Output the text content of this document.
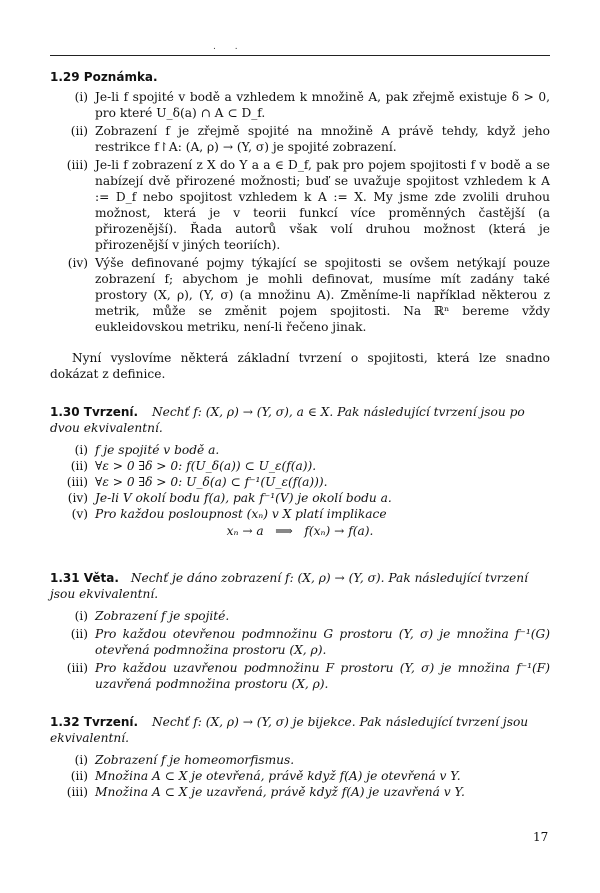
. .
1.29 Poznámka.
(i) Je-li f spojité v bodě a vzhledem k množině A, pak zřejmě existuje δ > 0, pro které U_δ(a) ∩ A ⊂ D_f.
(ii) Zobrazení f je zřejmě spojité na množině A právě tehdy, když jeho restrikce f↾A: (A, ρ) → (Y, σ) je spojité zobrazení.
(iii) Je-li f zobrazení z X do Y a a ∈ D_f, pak pro pojem spojitosti f v bodě a se nabízejí dvě přirozené možnosti; buď se uvažuje spojitost vzhledem k A := D_f nebo spojitost vzhledem k A := X. My jsme zde zvolili druhou možnost, která je v teorii funkcí více proměnných častější (a přirozenější). Řada autorů však volí druhou možnost (která je přirozenější v jiných teoriích).
(iv) Výše definované pojmy týkající se spojitosti se ovšem netýkají pouze zobrazení f; abychom je mohli definovat, musíme mít zadány také prostory (X, ρ), (Y, σ) (a množinu A). Změníme-li například některou z metrik, může se změnit pojem spojitosti. Na ℝⁿ bereme vždy eukleidovskou metriku, není-li řečeno jinak.
Nyní vyslovíme některá základní tvrzení o spojitosti, která lze snadno dokázat z definice.
1.30 Tvrzení. Nechť f: (X, ρ) → (Y, σ), a ∈ X. Pak následující tvrzení jsou po dvou ekvivalentní.
(i) f je spojité v bodě a.
(ii) ∀ε > 0 ∃δ > 0: f(U_δ(a)) ⊂ U_ε(f(a)).
(iii) ∀ε > 0 ∃δ > 0: U_δ(a) ⊂ f⁻¹(U_ε(f(a))).
(iv) Je-li V okolí bodu f(a), pak f⁻¹(V) je okolí bodu a.
(v) Pro každou posloupnost (xₙ) v X platí implikace
xₙ → a   ⟹   f(xₙ) → f(a).
1.31 Věta. Nechť je dáno zobrazení f: (X, ρ) → (Y, σ). Pak následující tvrzení jsou ekvivalentní.
(i) Zobrazení f je spojité.
(ii) Pro každou otevřenou podmnožinu G prostoru (Y, σ) je množina f⁻¹(G) otevřená podmnožina prostoru (X, ρ).
(iii) Pro každou uzavřenou podmnožinu F prostoru (Y, σ) je množina f⁻¹(F) uzavřená podmnožina prostoru (X, ρ).
1.32 Tvrzení. Nechť f: (X, ρ) → (Y, σ) je bijekce. Pak následující tvrzení jsou ekvivalentní.
(i) Zobrazení f je homeomorfismus.
(ii) Množina A ⊂ X je otevřená, právě když f(A) je otevřená v Y.
(iii) Množina A ⊂ X je uzavřená, právě když f(A) je uzavřená v Y.
17
